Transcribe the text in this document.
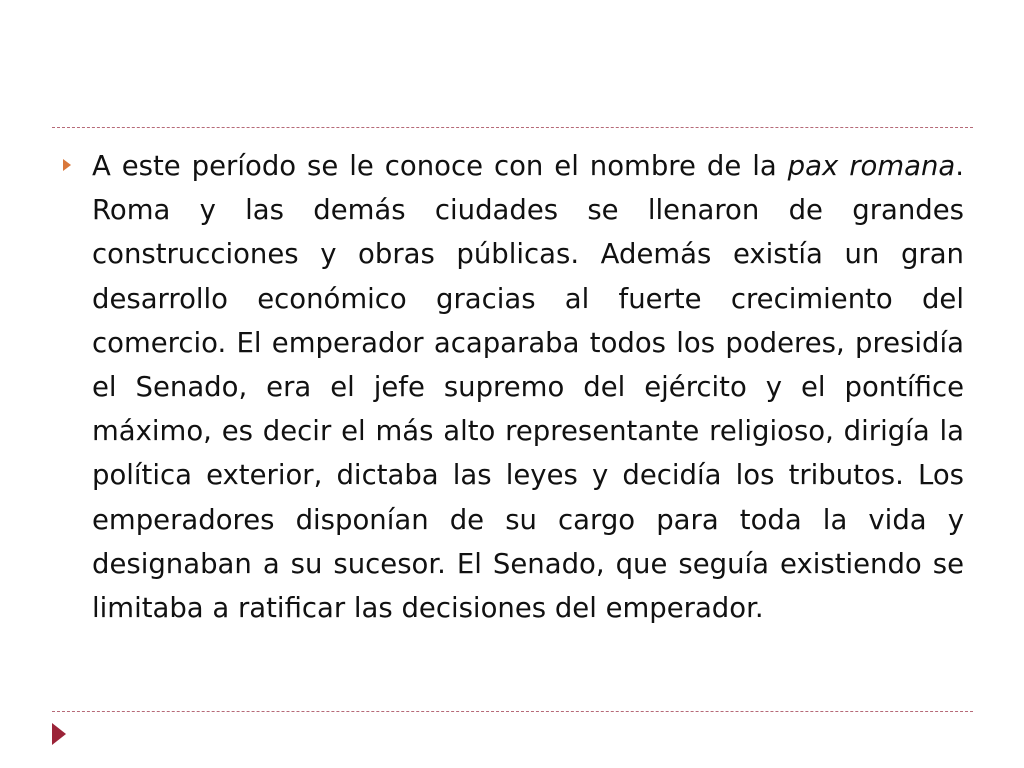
A este período se le conoce con el nombre de la pax romana. Roma y las demás ciudades se llenaron de grandes construcciones y obras públicas. Además existía un gran desarrollo económico gracias al fuerte crecimiento del comercio. El emperador acaparaba todos los poderes, presidía el Senado, era el jefe supremo del ejército y el pontífice máximo, es decir el más alto representante religioso, dirigía la política exterior, dictaba las leyes y decidía los tributos. Los emperadores disponían de su cargo para toda la vida y designaban a su sucesor. El Senado, que seguía existiendo se limitaba a ratificar las decisiones del emperador.
